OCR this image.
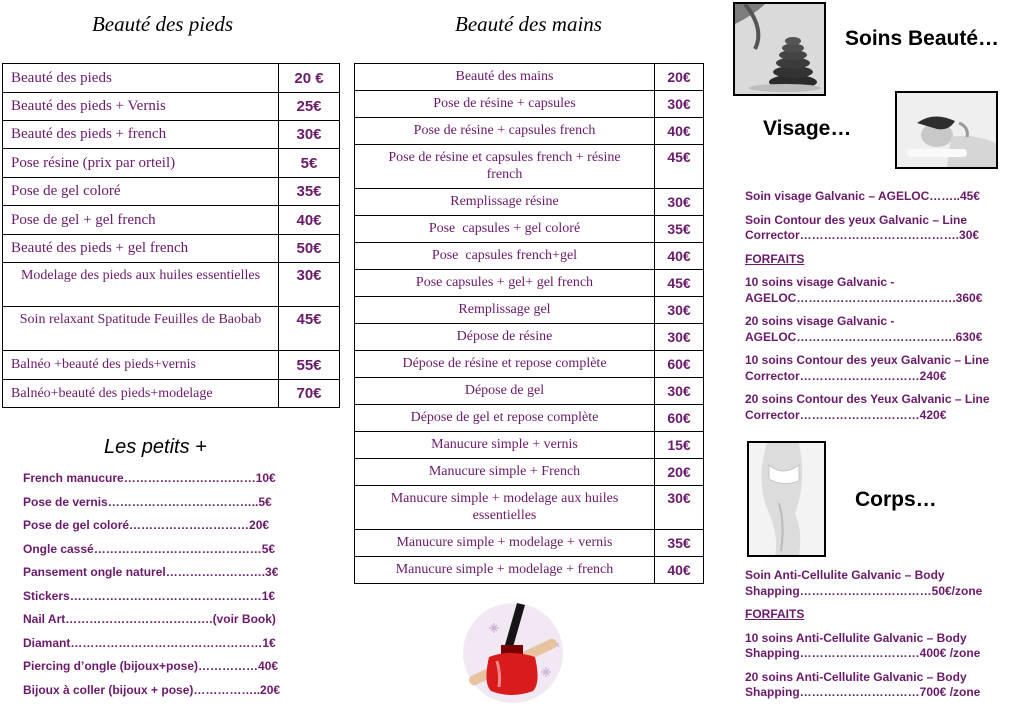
Beauté des pieds
Beauté des pieds	20 €
Beauté des pieds + Vernis	25€
Beauté des pieds + french	30€
Pose résine (prix par orteil)	5€
Pose de gel coloré	35€
Pose de gel + gel french	40€
Beauté des pieds + gel french	50€
Modelage des pieds aux huiles essentielles	30€
Soin relaxant Spatitude Feuilles de Baobab	45€
Balnéo +beauté des pieds+vernis	55€
Balnéo+beauté des pieds+modelage	70€
Les petits +
French manucure……………………………10€
Pose de vernis………………………………..5€
Pose de gel coloré…………………………20€
Ongle cassé……………………………………5€
Pansement ongle naturel…………………….3€
Stickers…………………………………………1€
Nail Art……………………………….(voir Book)
Diamant…………………………………………1€
Piercing d’ongle (bijoux+pose)……………40€
Bijoux à coller (bijoux + pose)……………..20€
Beauté des mains
Beauté des mains	20€
Pose de résine + capsules	30€
Pose de résine + capsules french	40€
Pose de résine et capsules french + résine french	45€
Remplissage résine	30€
Pose  capsules + gel coloré	35€
Pose  capsules french+gel	40€
Pose capsules + gel+ gel french	45€
Remplissage gel	30€
Dépose de résine	30€
Dépose de résine et repose complète	60€
Dépose de gel	30€
Dépose de gel et repose complète	60€
Manucure simple + vernis	15€
Manucure simple + French	20€
Manucure simple + modelage aux huiles essentielles	30€
Manucure simple + modelage + vernis	35€
Manucure simple + modelage + french	40€
Soins Beauté…
Visage…
Soin visage Galvanic – AGELOC……..45€
Soin Contour des yeux Galvanic – Line Corrector………………………………….30€
FORFAITS
10 soins visage Galvanic - AGELOC………………………………….360€
20 soins visage Galvanic - AGELOC………………………………….630€
10 soins Contour des yeux Galvanic – Line Corrector…………………………240€
20 soins Contour des Yeux Galvanic – Line Corrector…………………………420€
Corps…
Soin Anti-Cellulite Galvanic – Body Shapping……………………………50€/zone
FORFAITS
10 soins Anti-Cellulite Galvanic – Body Shapping…………………………400€ /zone
20 soins Anti-Cellulite Galvanic – Body Shapping…………………………700€ /zone
